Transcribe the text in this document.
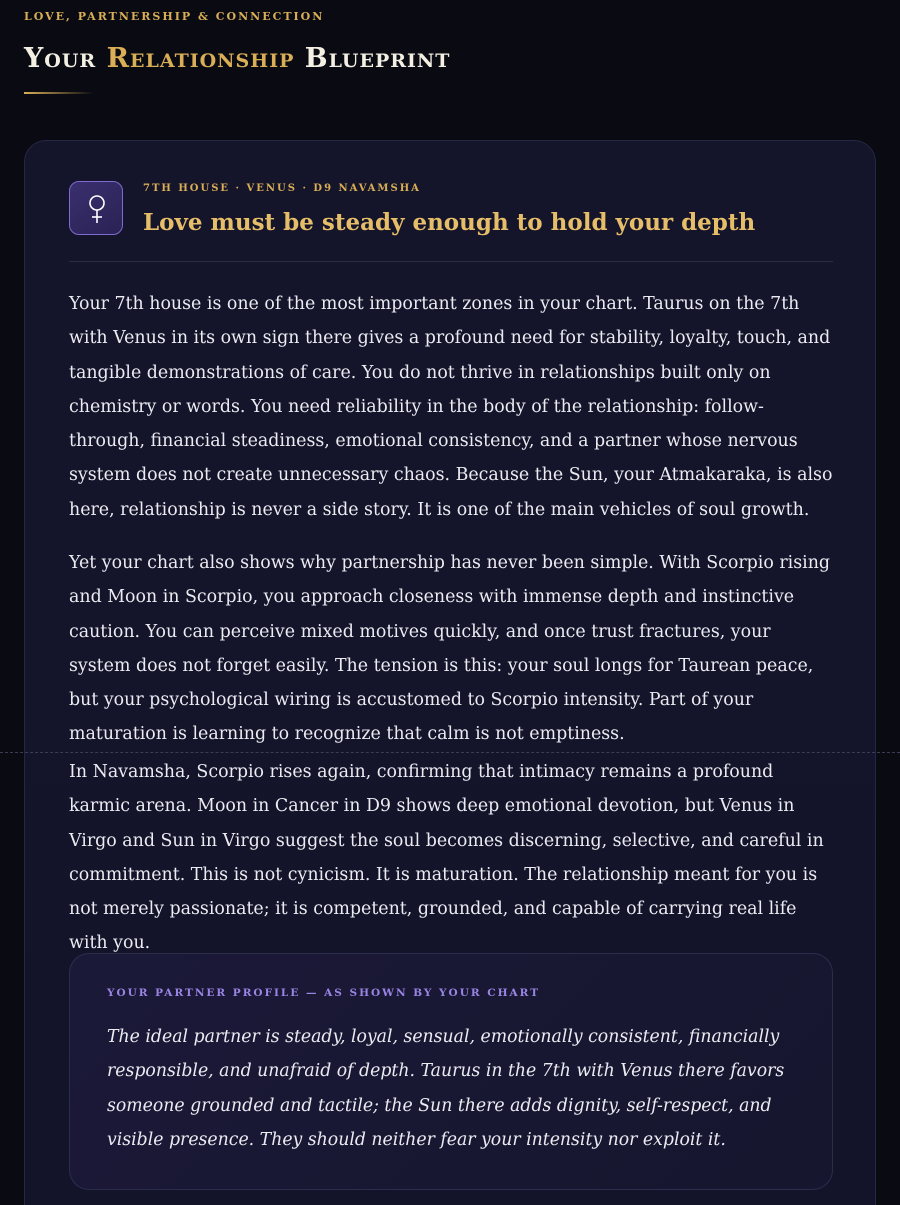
LOVE, PARTNERSHIP & CONNECTION
Your Relationship Blueprint
7TH HOUSE · VENUS · D9 NAVAMSHA
Love must be steady enough to hold your depth

Your 7th house is one of the most important zones in your chart. Taurus on the 7th with Venus in its own sign there gives a profound need for stability, loyalty, touch, and tangible demonstrations of care. You do not thrive in relationships built only on chemistry or words. You need reliability in the body of the relationship: follow-through, financial steadiness, emotional consistency, and a partner whose nervous system does not create unnecessary chaos. Because the Sun, your Atmakaraka, is also here, relationship is never a side story. It is one of the main vehicles of soul growth.

Yet your chart also shows why partnership has never been simple. With Scorpio rising and Moon in Scorpio, you approach closeness with immense depth and instinctive caution. You can perceive mixed motives quickly, and once trust fractures, your system does not forget easily. The tension is this: your soul longs for Taurean peace, but your psychological wiring is accustomed to Scorpio intensity. Part of your maturation is learning to recognize that calm is not emptiness.

In Navamsha, Scorpio rises again, confirming that intimacy remains a profound karmic arena. Moon in Cancer in D9 shows deep emotional devotion, but Venus in Virgo and Sun in Virgo suggest the soul becomes discerning, selective, and careful in commitment. This is not cynicism. It is maturation. The relationship meant for you is not merely passionate; it is competent, grounded, and capable of carrying real life with you.

YOUR PARTNER PROFILE — AS SHOWN BY YOUR CHART

The ideal partner is steady, loyal, sensual, emotionally consistent, financially responsible, and unafraid of depth. Taurus in the 7th with Venus there favors someone grounded and tactile; the Sun there adds dignity, self-respect, and visible presence. They should neither fear your intensity nor exploit it.
